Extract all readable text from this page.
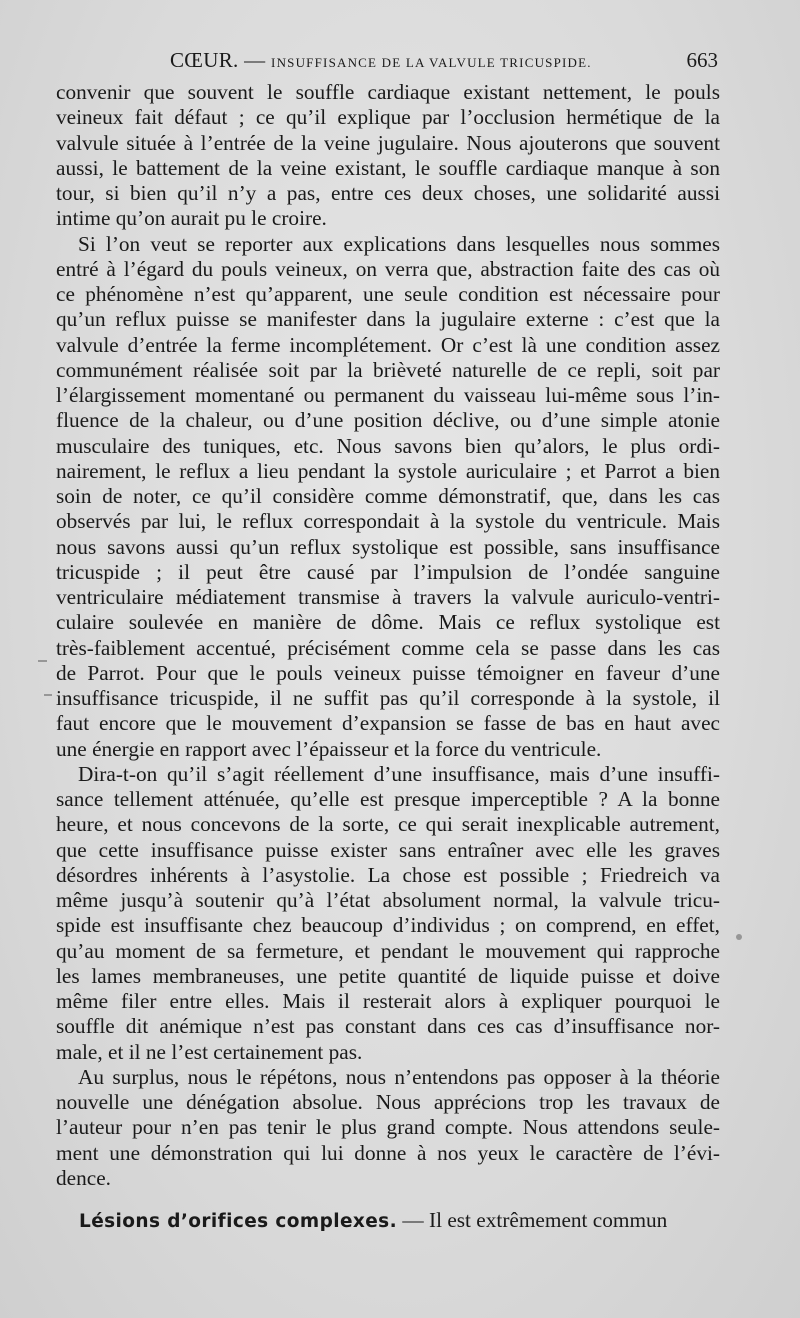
CŒUR. — INSUFFISANCE DE LA VALVULE TRICUSPIDE.	663
convenir que souvent le souffle cardiaque existant nettement, le pouls
veineux fait défaut ; ce qu’il explique par l’occlusion hermétique de la
valvule située à l’entrée de la veine jugulaire. Nous ajouterons que souvent
aussi, le battement de la veine existant, le souffle cardiaque manque à son
tour, si bien qu’il n’y a pas, entre ces deux choses, une solidarité aussi
intime qu’on aurait pu le croire.
Si l’on veut se reporter aux explications dans lesquelles nous sommes
entré à l’égard du pouls veineux, on verra que, abstraction faite des cas où
ce phénomène n’est qu’apparent, une seule condition est nécessaire pour
qu’un reflux puisse se manifester dans la jugulaire externe : c’est que la
valvule d’entrée la ferme incomplétement. Or c’est là une condition assez
communément réalisée soit par la brièveté naturelle de ce repli, soit par
l’élargissement momentané ou permanent du vaisseau lui-même sous l’in-
fluence de la chaleur, ou d’une position déclive, ou d’une simple atonie
musculaire des tuniques, etc. Nous savons bien qu’alors, le plus ordi-
nairement, le reflux a lieu pendant la systole auriculaire ; et Parrot a bien
soin de noter, ce qu’il considère comme démonstratif, que, dans les cas
observés par lui, le reflux correspondait à la systole du ventricule. Mais
nous savons aussi qu’un reflux systolique est possible, sans insuffisance
tricuspide ; il peut être causé par l’impulsion de l’ondée sanguine
ventriculaire médiatement transmise à travers la valvule auriculo-ventri-
culaire soulevée en manière de dôme. Mais ce reflux systolique est
très-faiblement accentué, précisément comme cela se passe dans les cas
de Parrot. Pour que le pouls veineux puisse témoigner en faveur d’une
insuffisance tricuspide, il ne suffit pas qu’il corresponde à la systole, il
faut encore que le mouvement d’expansion se fasse de bas en haut avec
une énergie en rapport avec l’épaisseur et la force du ventricule.
Dira-t-on qu’il s’agit réellement d’une insuffisance, mais d’une insuffi-
sance tellement atténuée, qu’elle est presque imperceptible ? A la bonne
heure, et nous concevons de la sorte, ce qui serait inexplicable autrement,
que cette insuffisance puisse exister sans entraîner avec elle les graves
désordres inhérents à l’asystolie. La chose est possible ; Friedreich va
même jusqu’à soutenir qu’à l’état absolument normal, la valvule tricu-
spide est insuffisante chez beaucoup d’individus ; on comprend, en effet,
qu’au moment de sa fermeture, et pendant le mouvement qui rapproche
les lames membraneuses, une petite quantité de liquide puisse et doive
même filer entre elles. Mais il resterait alors à expliquer pourquoi le
souffle dit anémique n’est pas constant dans ces cas d’insuffisance nor-
male, et il ne l’est certainement pas.
Au surplus, nous le répétons, nous n’entendons pas opposer à la théorie
nouvelle une dénégation absolue. Nous apprécions trop les travaux de
l’auteur pour n’en pas tenir le plus grand compte. Nous attendons seule-
ment une démonstration qui lui donne à nos yeux le caractère de l’évi-
dence.
Lésions d’orifices complexes. — Il est extrêmement commun
